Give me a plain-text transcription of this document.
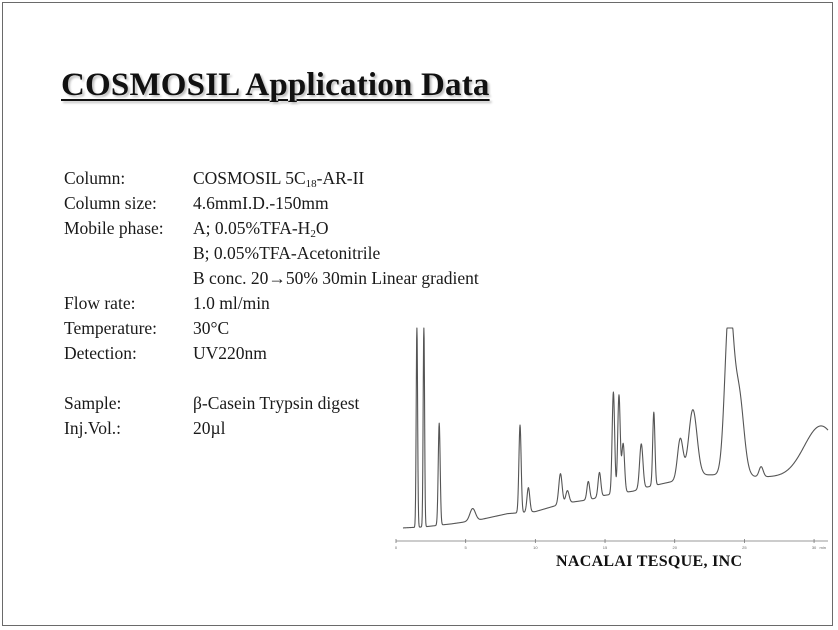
COSMOSIL Application Data
Column:	COSMOSIL $5C_{18}-AR-II$
Column size:	4.6mmI.D.-150mm
Mobile phase:	A; $0.05\%TFA-H_2O$
B; 0.05%TFA-Acetonitrile
B conc. 20→50% 30min Linear gradient
Flow rate:	1.0 ml/min
Temperature:	30°C
Detection:	UV220nm
Sample:	β-Casein Trypsin digest
Inj.Vol.:	20µl
0	5	10	15	20	25	30 min
NACALAI TESQUE, INC
